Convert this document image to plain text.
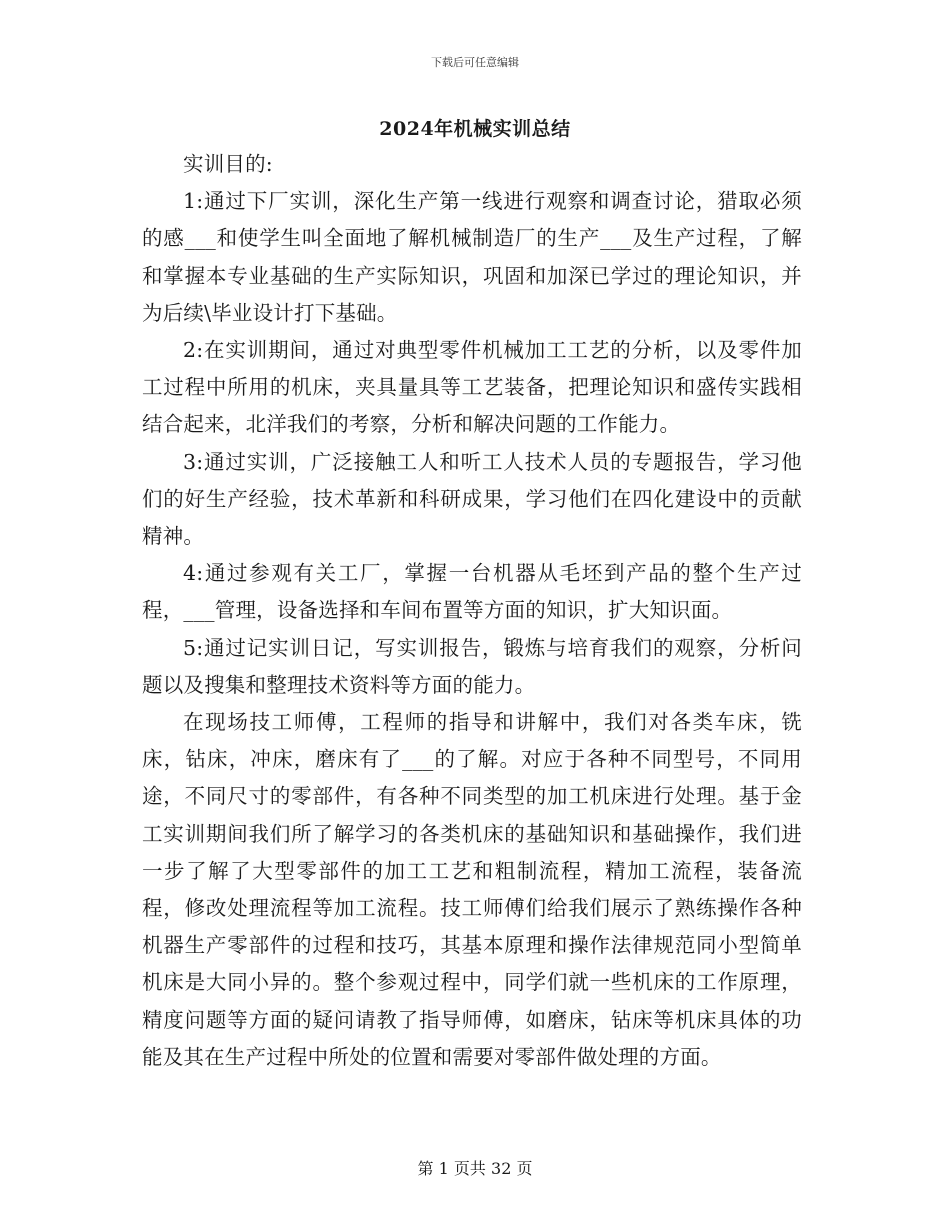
下载后可任意编辑
2024年机械实训总结

实训目的:

1:通过下厂实训，深化生产第一线进行观察和调查讨论，猎取必须的感___和使学生叫全面地了解机械制造厂的生产___及生产过程，了解和掌握本专业基础的生产实际知识，巩固和加深已学过的理论知识，并为后续\毕业设计打下基础。

2:在实训期间，通过对典型零件机械加工工艺的分析，以及零件加工过程中所用的机床，夹具量具等工艺装备，把理论知识和盛传实践相结合起来，北洋我们的考察，分析和解决问题的工作能力。

3:通过实训，广泛接触工人和听工人技术人员的专题报告，学习他们的好生产经验，技术革新和科研成果，学习他们在四化建设中的贡献精神。

4:通过参观有关工厂，掌握一台机器从毛坯到产品的整个生产过程，___管理，设备选择和车间布置等方面的知识，扩大知识面。

5:通过记实训日记，写实训报告，锻炼与培育我们的观察，分析问题以及搜集和整理技术资料等方面的能力。

在现场技工师傅，工程师的指导和讲解中，我们对各类车床，铣床，钻床，冲床，磨床有了___的了解。对应于各种不同型号，不同用途，不同尺寸的零部件，有各种不同类型的加工机床进行处理。基于金工实训期间我们所了解学习的各类机床的基础知识和基础操作，我们进一步了解了大型零部件的加工工艺和粗制流程，精加工流程，装备流程，修改处理流程等加工流程。技工师傅们给我们展示了熟练操作各种机器生产零部件的过程和技巧，其基本原理和操作法律规范同小型简单机床是大同小异的。整个参观过程中，同学们就一些机床的工作原理，精度问题等方面的疑问请教了指导师傅，如磨床，钻床等机床具体的功能及其在生产过程中所处的位置和需要对零部件做处理的方面。

第 1 页共 32 页
